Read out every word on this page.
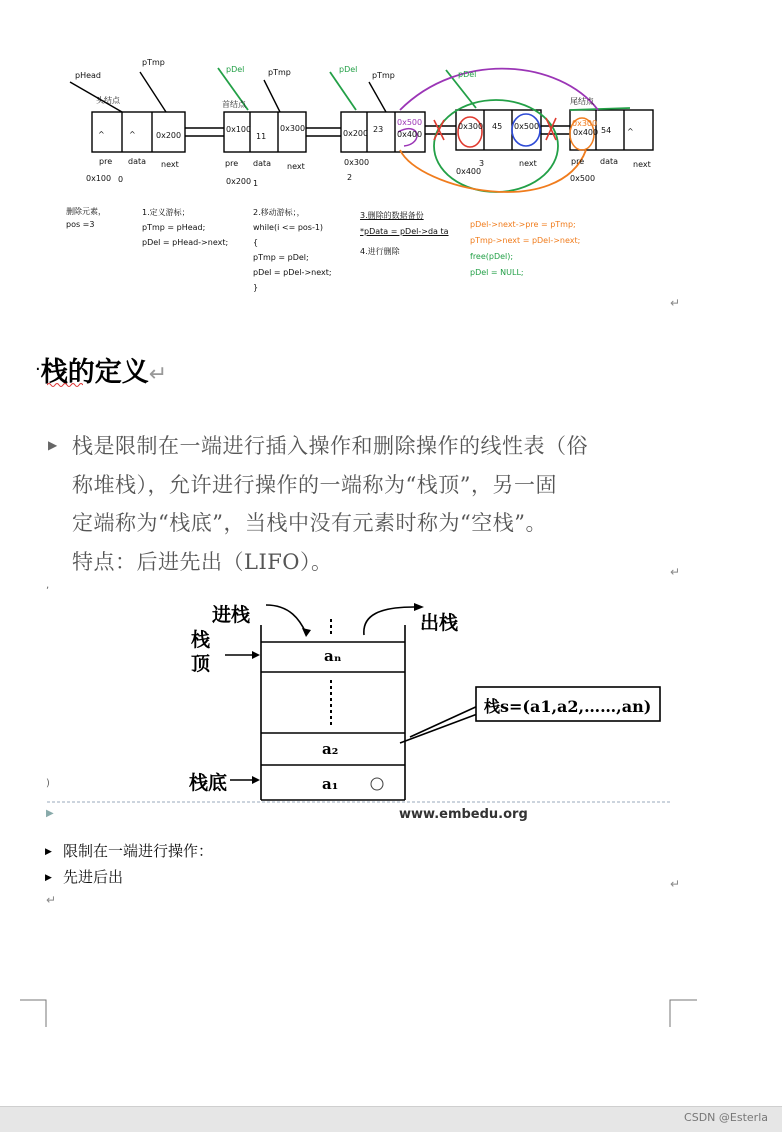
pHead
pTmp
pDel	pTmp	pDel
pTmp	pDel
头结点	首结点	尾结点
^	^	0x200
0x100
11
0x300
0x200 23
0x500
0x400
0x300 45 0x500	0x300
0x400 54 ^
pre data next	pre data next	next	pre data next
0x100 0	0x200 1
0x300
2
0x400
3
0x500
删除元素，
pos =3
1.定义游标；
pTmp = pHead;
pDel = pHead->next;
2.移动游标；，
while(i <= pos-1)
{
pTmp = pDel;
pDel = pDel->next;
}
3.删除的数据备份
*pData = pDel->da ta
4.进行删除
pDel->next->pre = pTmp;
pTmp->next = pDel->next;
free(pDel);
pDel = NULL;
↵
·栈的定义↵
▶ 栈是限制在一端进行插入操作和删除操作的线性表（俗
称堆栈），允许进行操作的一端称为“栈顶”，另一固
定端称为“栈底”，当栈中没有元素时称为“空栈”。
特点：后进先出（LIFO）。	↵
进栈	出栈
栈
顶
栈底
aₙ
a₂
a₁
栈s=(a1,a2,……,an)
www.embedu.org
▶
)
,
▶ 限制在一端进行操作：
▶ 先进后出	↵
↵
CSDN @Esterla
